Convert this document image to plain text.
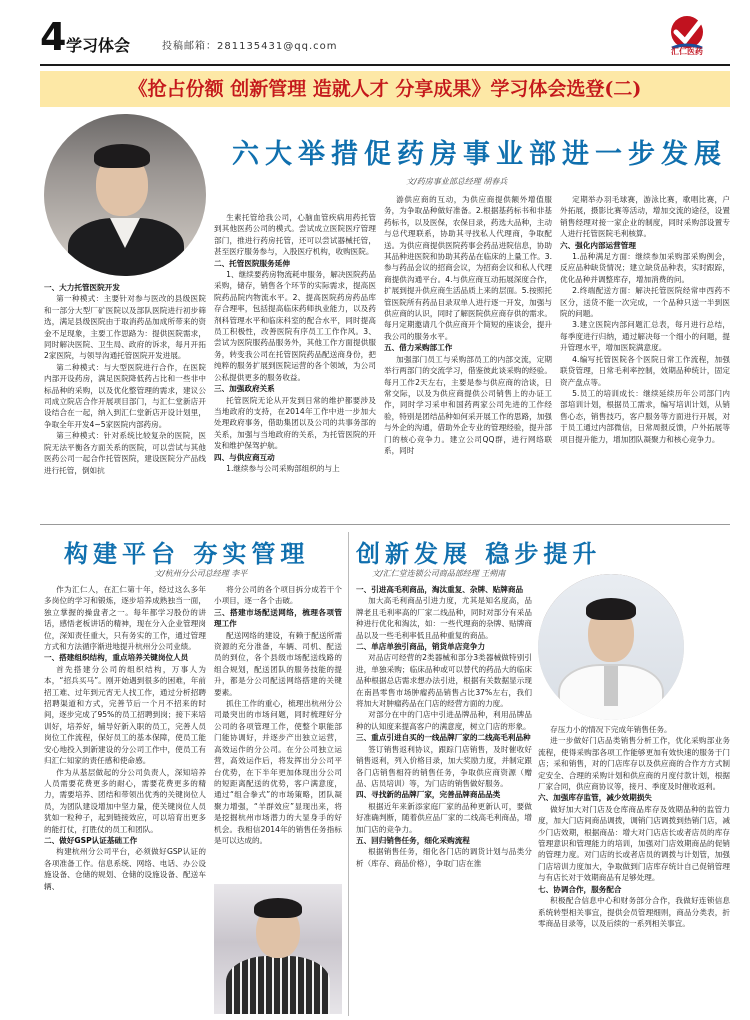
4 学习体会	投稿邮箱：281135431@qq.com	汇仁医药
《抢占份额 创新管理 造就人才 分享成果》学习体会选登(二)
六大举措促药房事业部进一步发展
文/药房事业部总经理 胡春兵

一、大力托管医院开发

第一种模式：主要针对参与医改的县级医院和一部分大型厂矿医院以及部队医院进行初步筛选，满足县级医院由于取消药品加成所带来的资金不足现象，主要工作思路为：提供医院需求，同时解决医院、卫生局、政府的诉求，每月开拓2家医院，与领导沟通托管医院开发进展。

第二种模式：与大型医院进行合作，在医院内部开设药房，满足医院降低药占比和一些非中标品种的采购，以及优化整管理的需求，建议公司成立院店合作开展项目部门，与汇仁堂新店开设结合在一起，纳入到汇仁堂新店开设计划里，争取全年开发4~5家医院内部药房。

第三种模式：针对系统比较复杂的医院，医院无法平衡各方面关系的医院，可以尝试与其他医药公司一起合作托管医院，建设医院分产品线进行托管，倒如抗

生素托管给我公司，心脑血管疾病用药托管到其他医药公司的模式。尝试成立医院医疗管理部门，推进行药房托管，还可以尝试器械托管，甚至医疗服务参与，入股医疗机构，收购医院。

二、托管医院服务延伸

1、继续要药房物流耗申服务，解决医院药品采购，储存，销售各个环节的实际需求，提高医院药品院内物流水平。2、提高医院药房药品库存合理率，包括提高临床药师执业能力，以及药剂科管理水平和临床科室的配合水平，同时提高员工积极性，改善医院有序员工工作作风。3、尝试为医院服药品服务外，其他工作方面提供服务，转变我公司在托管医院药品配送商身份，把纯粹的服务扩展到医院运营的各个领域，为公司公私提供更多的服务收益。

三、加强政府关系

托管医院无论从开发到日常的维护都要涉及当地政府的支持，在2014年工作中进一步加大处理政府事务，借助集团以及公司的共事务部的关系，加强与当地政府的关系，为托管医院的开发和维护保驾护航。

四、与供应商互动

1.继续参与公司采购部组织的与上

游供应商的互动，为供应商提供额外增值服务，为争取品种做好准备。2.根据基药标书和非基药标书，以及医保，农保目录，药选大品种，主动与总代理联系，协助其寻找私人代理商，争取配送。为供应商提供医院药事会药品进院信息，协助其品种进医院和协助其药品在临床的上量工作。3.参与药品会议的招商会议，为招商会议和私人代理商提供沟通平台。4.与供应商互动拓展深度合作，扩展到提升供应商生活品质上来的层面。5.按照托管医院所有药品目录双单人进行逐一开发，加强与供应商的认识，同时了解医院供应商存供的需求。每月定期邀请几个供应商开个简短的座谈会，提升我公司的服务水平。

五、借力采购部工作

加强部门员工与采购部员工的内部交流，定期举行两部门的交流学习，借鉴彼此谈采购的经验。每月工作2天左右，主要是参与供应商的洽谈，日常交际，以及为供应商提供公司销售上的办证工作，同时学习采申和国药两家公司先进的工作经验，特别是团结品种如何采开展工作的思路，加强与外企的沟通，借助外企专业的管理经验，提升部门的核心竞争力。建立公司QQ群，进行网络联系，同时

定期举办羽毛球赛，游泳比赛，歌唱比赛，户外拓展，摄影比赛等活动，增加交流的途径，设置销售经理对接一家企业的制度，同时采购部设置专人进行托管医院毛利核算。

六、强化内部运营管理

1.品种满足方面：继续参加采购部采购例会，反应品种缺货情况；建立缺货品种表，实时跟踪，优化品种并调整库存，增加消费的问。

2.终端配送方面：解决托管医院经常申西药不区分，送货不能一次完成，一个品种只送一半到医院的问题。

3.建立医院内部问题汇总表，每月进行总结，每季度进行归纳，通过解决每一个细小的问题，提升管理水平，增加医院满意度。

4.编写托管医院各个医院日常工作流程，加强联贷管理，日常毛利率控制，效期品种统计，固定资产盘点等。

5.员工的培训成长：继续延续历年公司部门内部培训计划，根据员工需求，编写培训计划，从销售心态，销售技巧，客户服务等方面进行开展，对于员工通过内部微信，日常周报反馈，户外拓展等项目提升能力，增加团队凝聚力和核心竞争力。

构建平台 夯实管理
文/杭州分公司总经理 李平

作为汇仁人，在汇仁第十年，经过这么多年多岗位的学习和锻炼，逐步培养成熟独当一面，独立掌握的操盘者之一。每年都学习股份的讲话，感悟老板讲话的精神，现在分入企业管理岗位，深知责任重大，只有务实的工作，通过管理方式和方法循序渐进地提升杭州分公司业绩。

一、搭建组织结构，重点培养关键岗位人员

首先搭建分公司的组织结构，万事人为本，“招兵买马”。刚开始遇到很多的困难，年前招工难、过年到元宵无人找工作，通过分析招聘招聘渠道和方式，完善节后一个月不招来的时间，逐步完成了95%的员工招聘到岗；接下来培训好，培养好，辅导好新入职的员工，完善人员岗位工作流程，保好员工的基本保障，使员工能安心地投入到新建设的分公司工作中，使员工有归汇仁知家的责任感和使命感。

作为从基层做起的分公司负责人，深知培养人员需要花费更多的耐心，需要花费更多的精力，需要培养、团结和带领出优秀的关键岗位人员，为团队建设增加中坚力量，使关键岗位人员犹如一粒种子，起到链接效应，可以培育出更多的能打仗，打胜仗的员工和团队。

二、做好GSP认证基础工作

构建杭州分公司平台，必须做好GSP认证的各项准备工作。信息系统、网络、电话、办公设施设备、仓储的规划、仓储的设施设备、配送车辆、

将分公司的各个项目拆分成若干个小项目，逐一各个击破。

三、搭建市场配送网络，梳理各项管理工作

配送网络的建设，有赖于配送所需资源的充分准备，车辆、司机、配送员的到位，各个县级市场配送线路的组合规划，配送团队的服务技能的提升，都是分公司配送网络搭建的关键要素。

抓住工作的重心，梳理出杭州分公司最突出的市场问题，同时梳理好分公司的各项管理工作，使整个职能部门能协调好，并逐步产出独立运营，高效运作的分公司。在分公司独立运营，高效运作后，将发挥出分公司平台优势，在下半年更加体现出分公司的短距离配送的优势，客户满意度，通过“组合拳式”的市场策略，团队凝聚力增强，“羊群效应”显现出来，将是挖掘杭州市场潜力的大显身手的好机会。我相信2014年的销售任务指标是可以达成的。

创新发展 稳步提升
文/汇仁堂连锁公司商品部经理 王朔南

一、引进高毛利商品，淘汰重复、杂牌、贴牌商品

加大高毛利商品引进力度，尤其是知名度高，品牌老且毛利率高的厂家二线品种，同时对部分有采品种进行优化和淘汰，如：一些代理商的杂牌、贴牌商品以及一些毛利率低且品种重复的商品。

二、单店单独引商品，销货单店竞争力

对品店可经营的2类器械和部分3类器械做特别引进，单独采购；临床品种或可以替代的药品大的临床品种根据总店需求想办法引进，根据有关数据显示现在南昌零售市场肿瘤药品销售占比37%左右，我们将加大对肿瘤药品在门店的经营方面的力度。

对部分在中的门店中引进品牌品种，利用品牌品种的认知度来提高客户的满意度，树立门店的形象。

三、重点引进自买的一线品牌厂家的二线高毛利品种

签订销售返利协议，跟踪门店销售，及时催收好销售返利，列入价格目录，加大奖励力度，并制定跟各门店销售相符的销售任务，争取供应商资源（赠品、店员培训）等，为门店的销售做好服务。

四、寻找新的品牌厂家，完善品牌商品品类

根据近年来新添家庭厂家的品种更新认可，要做好准确判断，随着供应品厂家的二线高毛利商品，增加门店的竞争力。

五、回归销售任务，细化采购流程

根据销售任务，细化各门店的调货计划与品类分析（库存、商品价格），争取门店在淮

存压力小的情况下完成年销售任务。

进一步做好门店品类销售分析工作，优化采购部业务流程，使得采购部各项工作能够更加有效快速的服务于门店；采和销售，对的门店库存以及供应商的合作方方式制定安全、合理的采购计划和供应商的月度付款计划，根据厂家合同，供应商协议等，接月、季度及时催收返利。

六、加强库存监管，减少效期损失

做好加大对门店及仓库商品库存及效期品种的监管力度，加大门店间商品调拨，调销门店调拨到热销门店，减少门店效期，根据商品：增大对门店店长或者店员的库存管理意识和管理能力的培训，加强对门店效期商品的促销的管理力度。对门店的长或者店员的调拨与计划管，加强门店培训力度加大，争取做到门店库存统计自己促销管理与有店长对于效期商品有足够处理。

七、协调合作，服务配合

积极配合信息中心和财务部分合作，我做好连锁信息系统转型相关事宜，提供会员管理细则，商品分类表，折零商品目录等，以及后续的一系列相关事宜。
